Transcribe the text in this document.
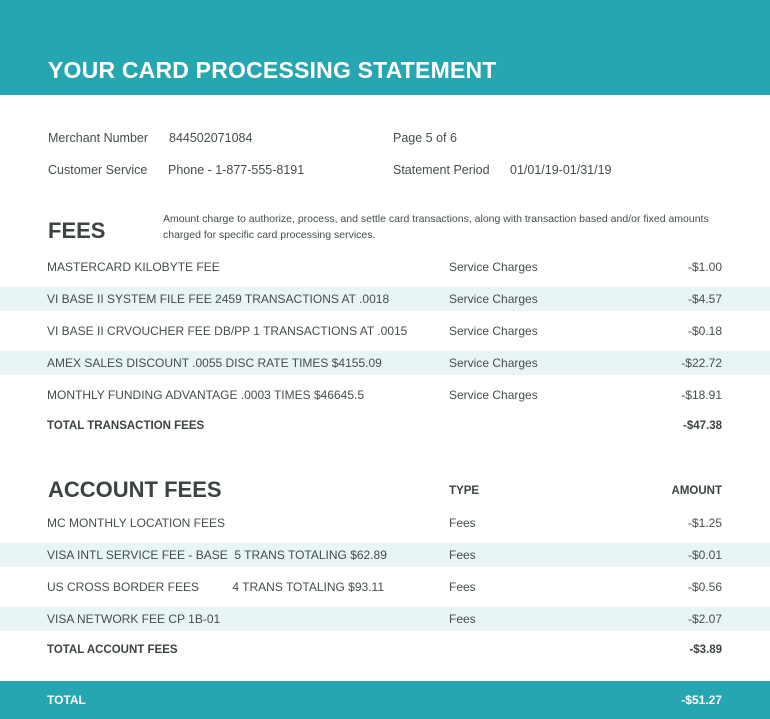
YOUR CARD PROCESSING STATEMENT
Merchant Number 844502071084	Page 5 of 6
Customer Service Phone - 1-877-555-8191	Statement Period 01/01/19-01/31/19
FEES	Amount charge to authorize, process, and settle card transactions, along with transaction based and/or fixed amounts charged for specific card processing services.
MASTERCARD KILOBYTE FEE	Service Charges	-$1.00
VI BASE II SYSTEM FILE FEE 2459 TRANSACTIONS AT .0018	Service Charges	-$4.57
VI BASE II CRVOUCHER FEE DB/PP 1 TRANSACTIONS AT .0015	Service Charges	-$0.18
AMEX SALES DISCOUNT .0055 DISC RATE TIMES $4155.09	Service Charges	-$22.72
MONTHLY FUNDING ADVANTAGE .0003 TIMES $46645.5	Service Charges	-$18.91
TOTAL TRANSACTION FEES	-$47.38
ACCOUNT FEES	TYPE	AMOUNT
MC MONTHLY LOCATION FEES	Fees	-$1.25
VISA INTL SERVICE FEE - BASE  5 TRANS TOTALING $62.89	Fees	-$0.01
US CROSS BORDER FEES          4 TRANS TOTALING $93.11	Fees	-$0.56
VISA NETWORK FEE CP 1B-01	Fees	-$2.07
TOTAL ACCOUNT FEES	-$3.89
TOTAL	-$51.27
